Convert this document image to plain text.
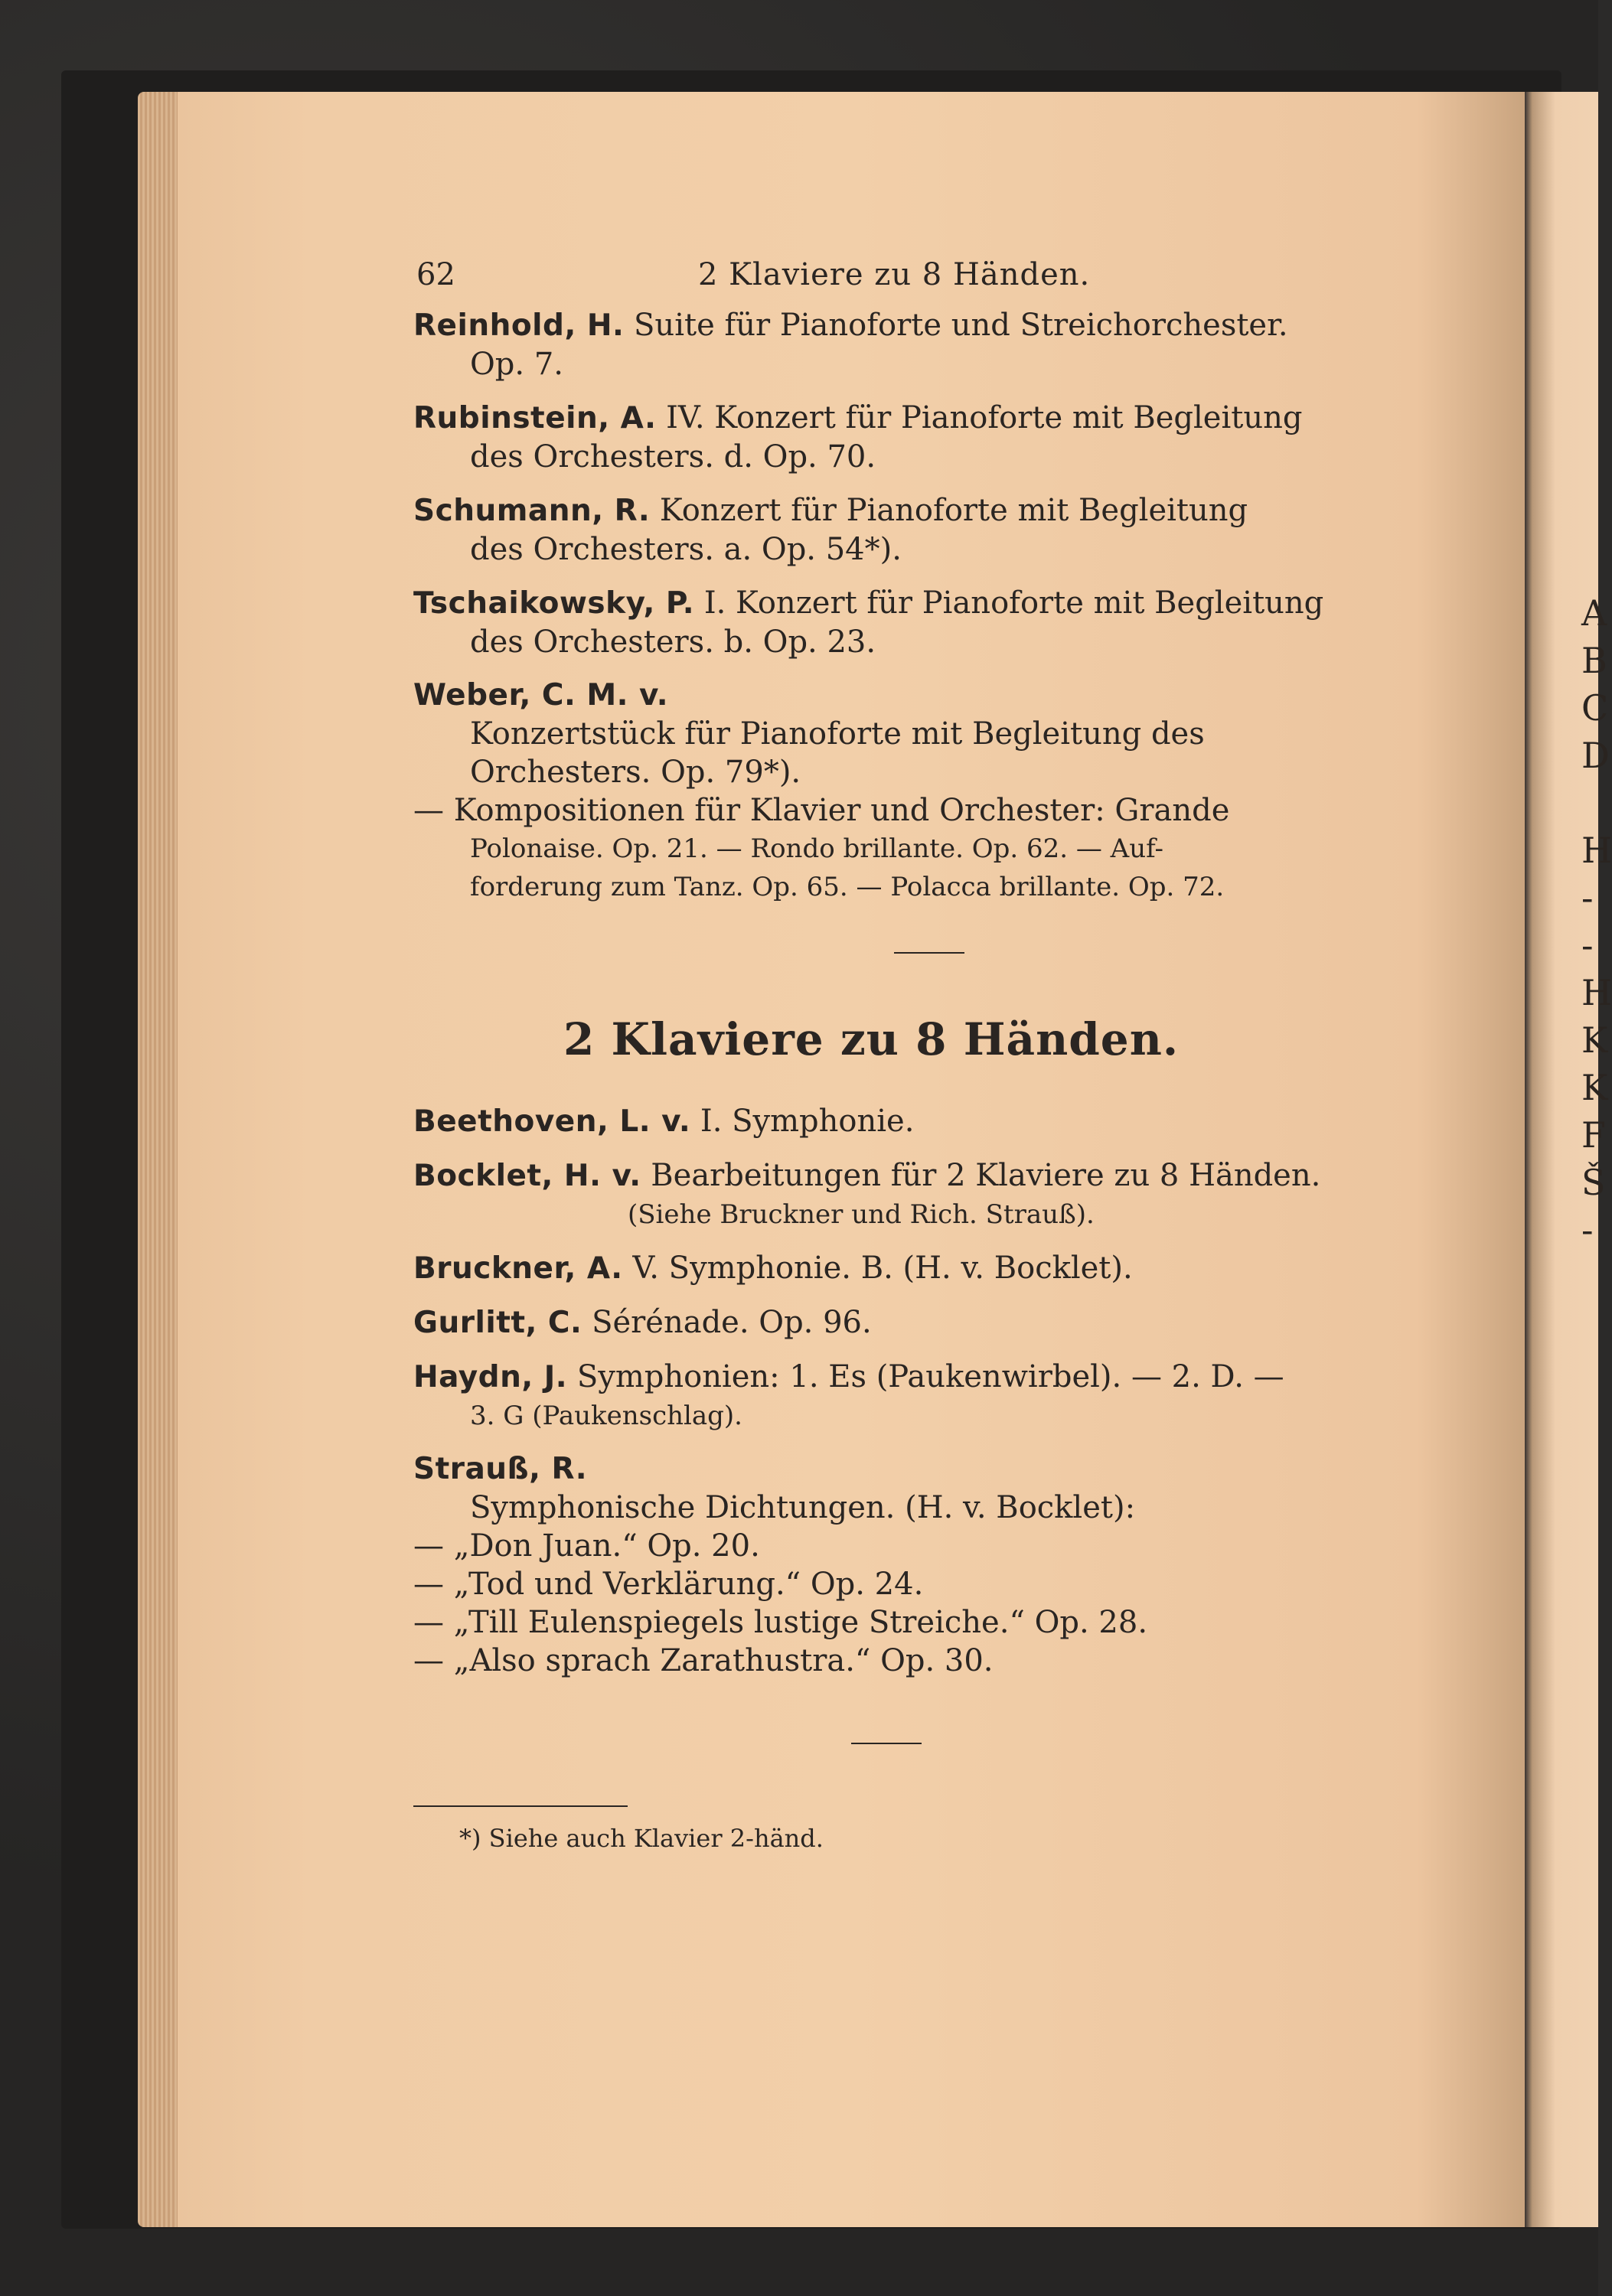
A
B
C
D

H
-
-
H
K
K
F
Š
-
62	2 Klaviere zu 8 Händen.
Reinhold, H. Suite für Pianoforte und Streichorchester.
Op. 7.
Rubinstein, A. IV. Konzert für Pianoforte mit Begleitung
des Orchesters. d. Op. 70.
Schumann, R. Konzert für Pianoforte mit Begleitung
des Orchesters. a. Op. 54*).
Tschaikowsky, P. I. Konzert für Pianoforte mit Begleitung
des Orchesters. b. Op. 23.
Weber, C. M. v.
Konzertstück für Pianoforte mit Begleitung des
Orchesters. Op. 79*).
— Kompositionen für Klavier und Orchester: Grande
Polonaise. Op. 21. — Rondo brillante. Op. 62. — Auf-
forderung zum Tanz. Op. 65. — Polacca brillante. Op. 72.
2 Klaviere zu 8 Händen.
Beethoven, L. v. I. Symphonie.
Bocklet, H. v. Bearbeitungen für 2 Klaviere zu 8 Händen.
(Siehe Bruckner und Rich. Strauß).
Bruckner, A. V. Symphonie. B. (H. v. Bocklet).
Gurlitt, C. Sérénade. Op. 96.
Haydn, J. Symphonien: 1. Es (Paukenwirbel). — 2. D. —
3. G (Paukenschlag).
Strauß, R.
Symphonische Dichtungen. (H. v. Bocklet):
— „Don Juan.“ Op. 20.
— „Tod und Verklärung.“ Op. 24.
— „Till Eulenspiegels lustige Streiche.“ Op. 28.
— „Also sprach Zarathustra.“ Op. 30.
*) Siehe auch Klavier 2-händ.
